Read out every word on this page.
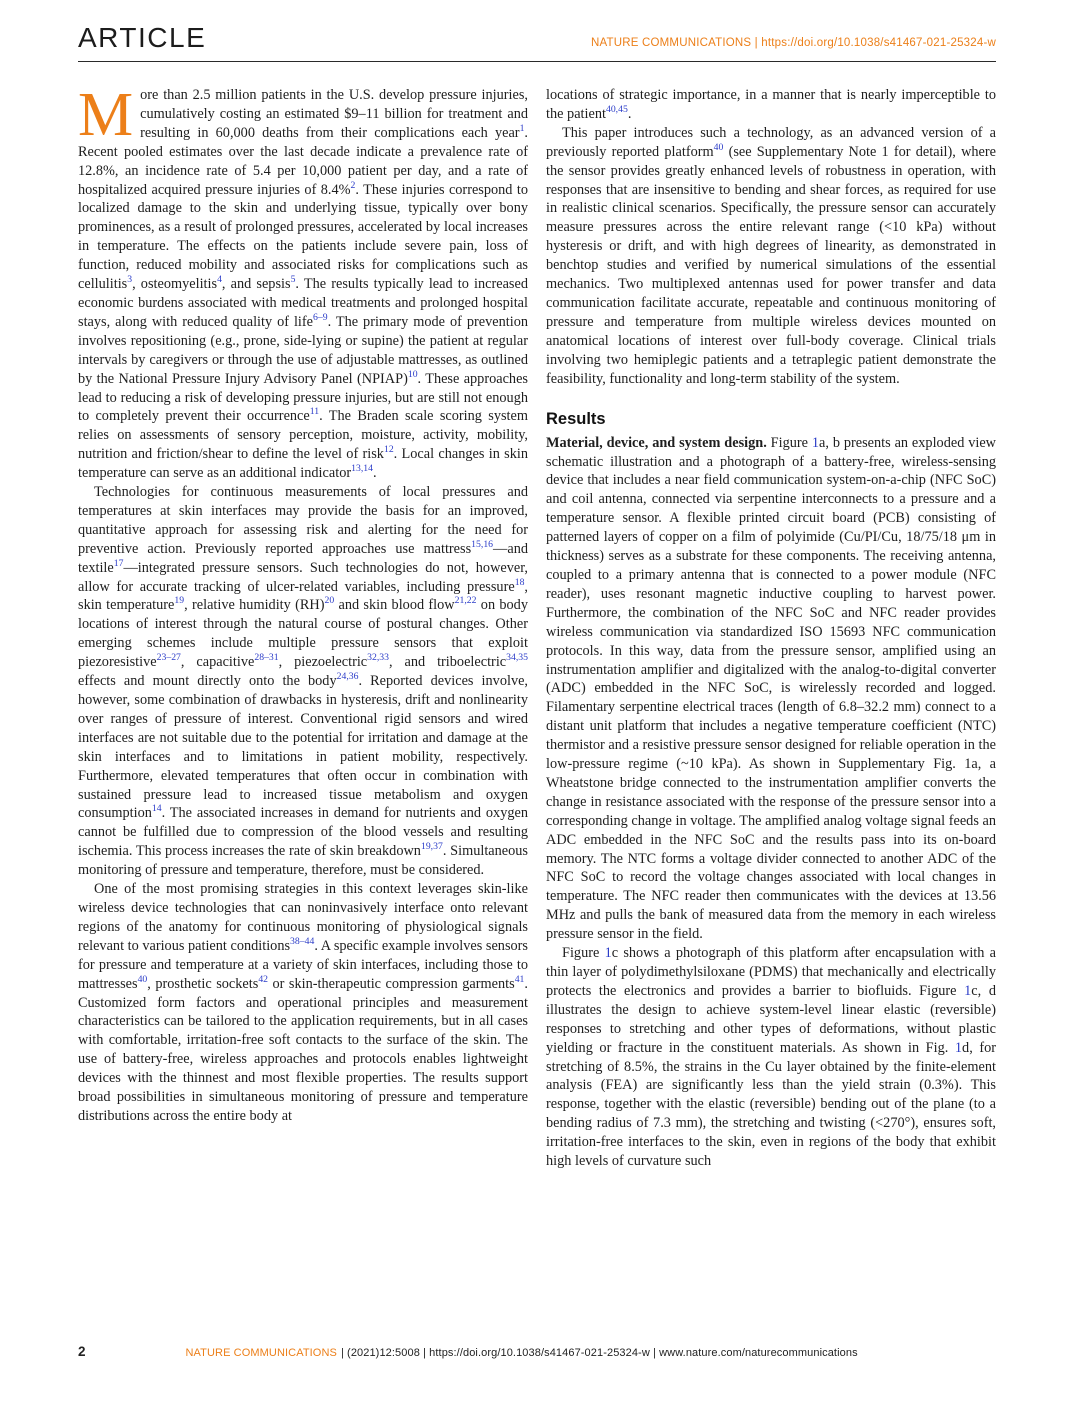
ARTICLE	NATURE COMMUNICATIONS | https://doi.org/10.1038/s41467-021-25324-w

More than 2.5 million patients in the U.S. develop pressure injuries, cumulatively costing an estimated $9–11 billion for treatment and resulting in 60,000 deaths from their complications each year$^1$. Recent pooled estimates over the last decade indicate a prevalence rate of 12.8%, an incidence rate of 5.4 per 10,000 patient per day, and a rate of hospitalized acquired pressure injuries of 8.4%$^2$. These injuries correspond to localized damage to the skin and underlying tissue, typically over bony prominences, as a result of prolonged pressures, accelerated by local increases in temperature. The effects on the patients include severe pain, loss of function, reduced mobility and associated risks for complications such as cellulitis$^3$, osteomyelitis$^4$, and sepsis$^5$. The results typically lead to increased economic burdens associated with medical treatments and prolonged hospital stays, along with reduced quality of life$^{6-9}$. The primary mode of prevention involves repositioning (e.g., prone, side-lying or supine) the patient at regular intervals by caregivers or through the use of adjustable mattresses, as outlined by the National Pressure Injury Advisory Panel (NPIAP)$^{10}$. These approaches lead to reducing a risk of developing pressure injuries, but are still not enough to completely prevent their occurrence$^{11}$. The Braden scale scoring system relies on assessments of sensory perception, moisture, activity, mobility, nutrition and friction/shear to define the level of risk$^{12}$. Local changes in skin temperature can serve as an additional indicator$^{13,14}$.

Technologies for continuous measurements of local pressures and temperatures at skin interfaces may provide the basis for an improved, quantitative approach for assessing risk and alerting for the need for preventive action. Previously reported approaches use mattress$^{15,16}$—and textile$^{17}$—integrated pressure sensors. Such technologies do not, however, allow for accurate tracking of ulcer-related variables, including pressure$^{18}$, skin temperature$^{19}$, relative humidity (RH)$^{20}$ and skin blood flow$^{21,22}$ on body locations of interest through the natural course of postural changes. Other emerging schemes include multiple pressure sensors that exploit piezoresistive$^{23-27}$, capacitive$^{28-31}$, piezoelectric$^{32,33}$, and triboelectric$^{34,35}$ effects and mount directly onto the body$^{24,36}$. Reported devices involve, however, some combination of drawbacks in hysteresis, drift and nonlinearity over ranges of pressure of interest. Conventional rigid sensors and wired interfaces are not suitable due to the potential for irritation and damage at the skin interfaces and to limitations in patient mobility, respectively. Furthermore, elevated temperatures that often occur in combination with sustained pressure lead to increased tissue metabolism and oxygen consumption$^{14}$. The associated increases in demand for nutrients and oxygen cannot be fulfilled due to compression of the blood vessels and resulting ischemia. This process increases the rate of skin breakdown$^{19,37}$. Simultaneous monitoring of pressure and temperature, therefore, must be considered.

One of the most promising strategies in this context leverages skin-like wireless device technologies that can noninvasively interface onto relevant regions of the anatomy for continuous monitoring of physiological signals relevant to various patient conditions$^{38-44}$. A specific example involves sensors for pressure and temperature at a variety of skin interfaces, including those to mattresses$^{40}$, prosthetic sockets$^{42}$ or skin-therapeutic compression garments$^{41}$. Customized form factors and operational principles and measurement characteristics can be tailored to the application requirements, but in all cases with comfortable, irritation-free soft contacts to the surface of the skin. The use of battery-free, wireless approaches and protocols enables lightweight devices with the thinnest and most flexible properties. The results support broad possibilities in simultaneous monitoring of pressure and temperature distributions across the entire body at

locations of strategic importance, in a manner that is nearly imperceptible to the patient$^{40,45}$.

This paper introduces such a technology, as an advanced version of a previously reported platform$^{40}$ (see Supplementary Note 1 for detail), where the sensor provides greatly enhanced levels of robustness in operation, with responses that are insensitive to bending and shear forces, as required for use in realistic clinical scenarios. Specifically, the pressure sensor can accurately measure pressures across the entire relevant range (<10 kPa) without hysteresis or drift, and with high degrees of linearity, as demonstrated in benchtop studies and verified by numerical simulations of the essential mechanics. Two multiplexed antennas used for power transfer and data communication facilitate accurate, repeatable and continuous monitoring of pressure and temperature from multiple wireless devices mounted on anatomical locations of interest over full-body coverage. Clinical trials involving two hemiplegic patients and a tetraplegic patient demonstrate the feasibility, functionality and long-term stability of the system.

Results

Material, device, and system design. Figure 1a, b presents an exploded view schematic illustration and a photograph of a battery-free, wireless-sensing device that includes a near field communication system-on-a-chip (NFC SoC) and coil antenna, connected via serpentine interconnects to a pressure and a temperature sensor. A flexible printed circuit board (PCB) consisting of patterned layers of copper on a film of polyimide (Cu/PI/Cu, 18/75/18 μm in thickness) serves as a substrate for these components. The receiving antenna, coupled to a primary antenna that is connected to a power module (NFC reader), uses resonant magnetic inductive coupling to harvest power. Furthermore, the combination of the NFC SoC and NFC reader provides wireless communication via standardized ISO 15693 NFC communication protocols. In this way, data from the pressure sensor, amplified using an instrumentation amplifier and digitalized with the analog-to-digital converter (ADC) embedded in the NFC SoC, is wirelessly recorded and logged. Filamentary serpentine electrical traces (length of 6.8–32.2 mm) connect to a distant unit platform that includes a negative temperature coefficient (NTC) thermistor and a resistive pressure sensor designed for reliable operation in the low-pressure regime (~10 kPa). As shown in Supplementary Fig. 1a, a Wheatstone bridge connected to the instrumentation amplifier converts the change in resistance associated with the response of the pressure sensor into a corresponding change in voltage. The amplified analog voltage signal feeds an ADC embedded in the NFC SoC and the results pass into its on-board memory. The NTC forms a voltage divider connected to another ADC of the NFC SoC to record the voltage changes associated with local changes in temperature. The NFC reader then communicates with the devices at 13.56 MHz and pulls the bank of measured data from the memory in each wireless pressure sensor in the field.

Figure 1c shows a photograph of this platform after encapsulation with a thin layer of polydimethylsiloxane (PDMS) that mechanically and electrically protects the electronics and provides a barrier to biofluids. Figure 1c, d illustrates the design to achieve system-level linear elastic (reversible) responses to stretching and other types of deformations, without plastic yielding or fracture in the constituent materials. As shown in Fig. 1d, for stretching of 8.5%, the strains in the Cu layer obtained by the finite-element analysis (FEA) are significantly less than the yield strain (0.3%). This response, together with the elastic (reversible) bending out of the plane (to a bending radius of 7.3 mm), the stretching and twisting (<270°), ensures soft, irritation-free interfaces to the skin, even in regions of the body that exhibit high levels of curvature such

2	NATURE COMMUNICATIONS | (2021)12:5008 | https://doi.org/10.1038/s41467-021-25324-w | www.nature.com/naturecommunications
